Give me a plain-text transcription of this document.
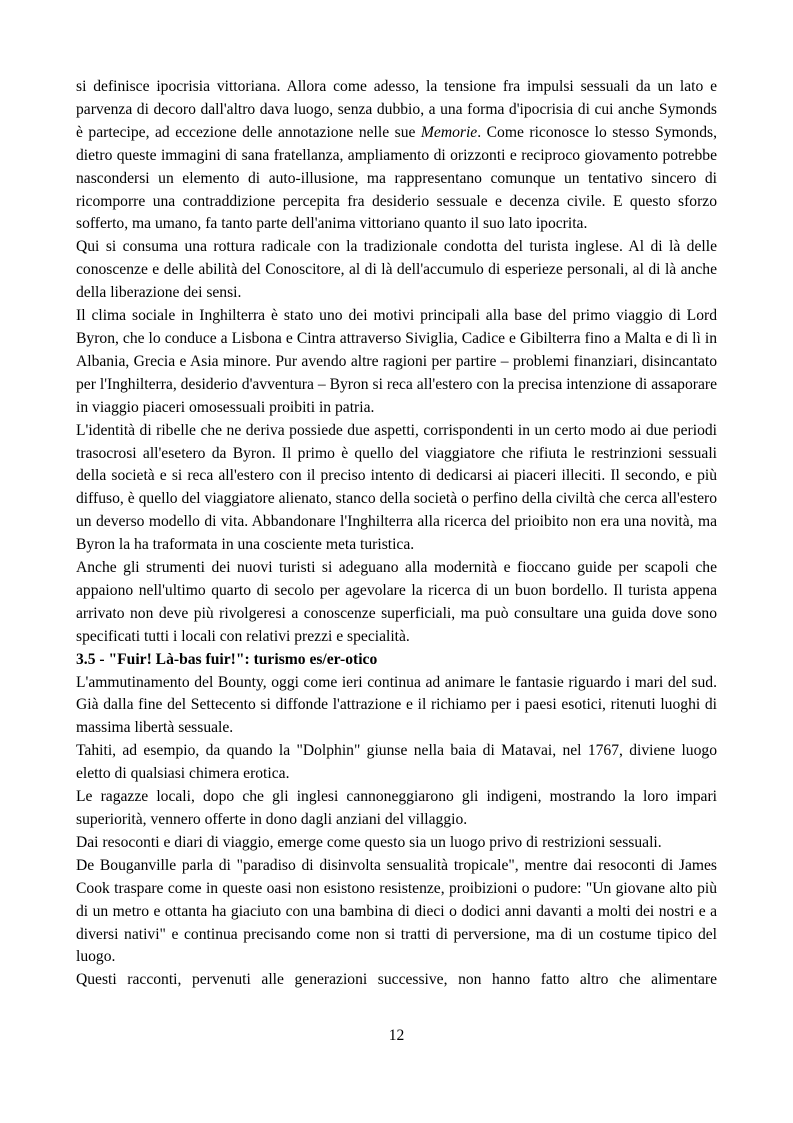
si definisce ipocrisia vittoriana. Allora come adesso, la tensione fra impulsi sessuali da un lato e parvenza di decoro dall'altro dava luogo, senza dubbio, a una forma d'ipocrisia di cui anche Symonds è partecipe, ad eccezione delle annotazione nelle sue Memorie. Come riconosce lo stesso Symonds, dietro queste immagini di sana fratellanza, ampliamento di orizzonti e reciproco giovamento potrebbe nascondersi un elemento di auto-illusione, ma rappresentano comunque un tentativo sincero di ricomporre una contraddizione percepita fra desiderio sessuale e decenza civile. E questo sforzo sofferto, ma umano, fa tanto parte dell'anima vittoriano quanto il suo lato ipocrita.

Qui si consuma una rottura radicale con la tradizionale condotta del turista inglese. Al di là delle conoscenze e delle abilità del Conoscitore, al di là dell'accumulo di esperieze personali, al di là anche della liberazione dei sensi.

Il clima sociale in Inghilterra è stato uno dei motivi principali alla base del primo viaggio di Lord Byron, che lo conduce a Lisbona e Cintra attraverso Siviglia, Cadice e Gibilterra fino a Malta e di lì in Albania, Grecia e Asia minore. Pur avendo altre ragioni per partire – problemi finanziari, disincantato per l'Inghilterra, desiderio d'avventura – Byron si reca all'estero con la precisa intenzione di assaporare in viaggio piaceri omosessuali proibiti in patria.

L'identità di ribelle che ne deriva possiede due aspetti, corrispondenti in un certo modo ai due periodi trasocrosi all'esetero da Byron. Il primo è quello del viaggiatore che rifiuta le restrinzioni sessuali della società e si reca all'estero con il preciso intento di dedicarsi ai piaceri illeciti. Il secondo, e più diffuso, è quello del viaggiatore alienato, stanco della società o perfino della civiltà che cerca all'estero un deverso modello di vita. Abbandonare l'Inghilterra alla ricerca del prioibito non era una novità, ma Byron la ha traformata in una cosciente meta turistica.

Anche gli strumenti dei nuovi turisti si adeguano alla modernità e fioccano guide per scapoli che appaiono nell'ultimo quarto di secolo per agevolare la ricerca di un buon bordello. Il turista appena arrivato non deve più rivolgeresi a conoscenze superficiali, ma può consultare una guida dove sono specificati tutti i locali con relativi prezzi e specialità.

3.5 - "Fuir! Là-bas fuir!": turismo es/er-otico

L'ammutinamento del Bounty, oggi come ieri continua ad animare le fantasie riguardo i mari del sud. Già dalla fine del Settecento si diffonde l'attrazione e il richiamo per i paesi esotici, ritenuti luoghi di massima libertà sessuale.

Tahiti, ad esempio, da quando la "Dolphin" giunse nella baia di Matavai, nel 1767, diviene luogo eletto di qualsiasi chimera erotica.

Le ragazze locali, dopo che gli inglesi cannoneggiarono gli indigeni, mostrando la loro impari superiorità, vennero offerte in dono dagli anziani del villaggio.

Dai resoconti e diari di viaggio, emerge come questo sia un luogo privo di restrizioni sessuali.

De Bouganville parla di "paradiso di disinvolta sensualità tropicale", mentre dai resoconti di James Cook traspare come in queste oasi non esistono resistenze, proibizioni o pudore: "Un giovane alto più di un metro e ottanta ha giaciuto con una bambina di dieci o dodici anni davanti a molti dei nostri e a diversi nativi" e continua precisando come non si tratti di perversione, ma di un costume tipico del luogo.

Questi racconti, pervenuti alle generazioni successive, non hanno fatto altro che alimentare

12
